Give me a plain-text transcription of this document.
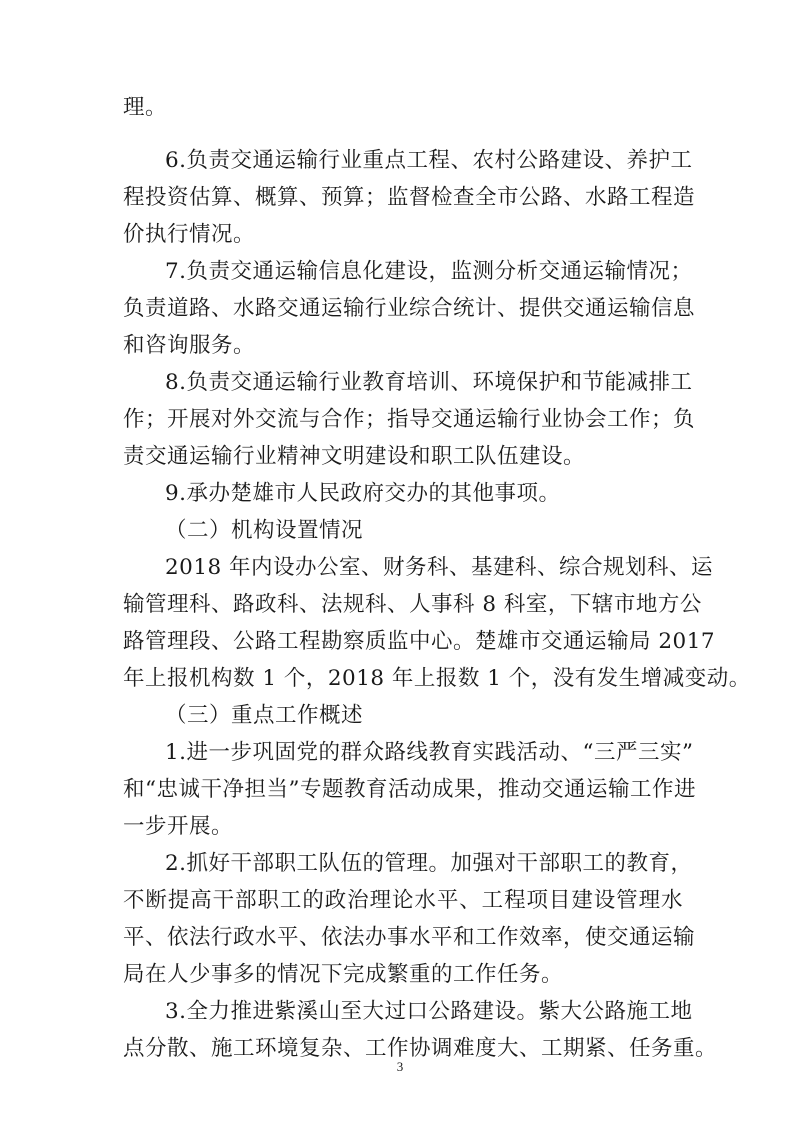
理。
6.负责交通运输行业重点工程、农村公路建设、养护工
程投资估算、概算、预算；监督检查全市公路、水路工程造
价执行情况。
7.负责交通运输信息化建设，监测分析交通运输情况；
负责道路、水路交通运输行业综合统计、提供交通运输信息
和咨询服务。
8.负责交通运输行业教育培训、环境保护和节能减排工
作；开展对外交流与合作；指导交通运输行业协会工作；负
责交通运输行业精神文明建设和职工队伍建设。
9.承办楚雄市人民政府交办的其他事项。
（二）机构设置情况
2018 年内设办公室、财务科、基建科、综合规划科、运
输管理科、路政科、法规科、人事科 8 科室，下辖市地方公
路管理段、公路工程勘察质监中心。楚雄市交通运输局 2017
年上报机构数 1 个，2018 年上报数 1 个，没有发生增减变动。
（三）重点工作概述
1.进一步巩固党的群众路线教育实践活动、“三严三实”
和“忠诚干净担当”专题教育活动成果，推动交通运输工作进
一步开展。
2.抓好干部职工队伍的管理。加强对干部职工的教育，
不断提高干部职工的政治理论水平、工程项目建设管理水
平、依法行政水平、依法办事水平和工作效率，使交通运输
局在人少事多的情况下完成繁重的工作任务。
3.全力推进紫溪山至大过口公路建设。紫大公路施工地
点分散、施工环境复杂、工作协调难度大、工期紧、任务重。
3
